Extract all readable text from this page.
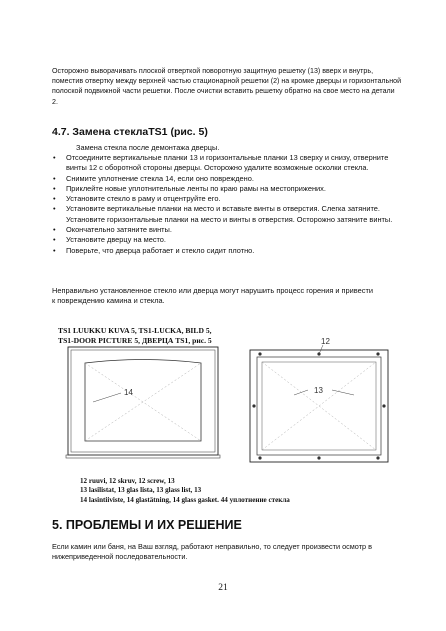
Осторожно выворачивать плоской отверткой поворотную защитную решетку (13) вверх и внутрь, поместив отвертку между верхней частью стационарной решетки (2) на кромке дверцы и горизонтальной полоской подвижной части решетки. После очистки вставить решетку обратно на свое место на детали 2.
4.7. Замена стеклаTS1 (рис. 5)
Замена стекла после демонтажа дверцы.
• Отсоедините вертикальные планки 13 и горизонтальные планки 13 сверху и снизу, отверните винты 12 с оборотной стороны дверцы. Осторожно удалите возможные осколки стекла.
• Снимите уплотнение стекла 14, если оно повреждено.
• Приклейте новые уплотнительные ленты по краю рамы на местоприжених.
• Установите стекло в раму и отцентруйте его.
• Установите вертикальные планки на место и вставьте винты в отверстия. Слегка затяните. Установите горизонтальные планки на место и винты в отверстия. Осторожно затяните винты.
• Окончательно затяните винты.
• Установите дверцу на место.
• Поверьте, что дверца работает и стекло сидит плотно.
Неправильно установленное стекло или дверца могут нарушить процесс горения и привести
к повреждению камина и стекла.
TS1 LUUKKU KUVA 5, TS1-LUCKA, BILD 5,
TS1-DOOR PICTURE 5, ДВЕРЦА TS1, рис. 5
14
12
13
12 ruuvi, 12 skruv, 12 screw, 13
13 lasilistat, 13 glas lista, 13 glass list, 13
14 lasintiiviste, 14 glastätning, 14 glass gasket. 44 уплотнение стекла
5. ПРОБЛЕМЫ И ИХ РЕШЕНИЕ
Если камин или баня, на Ваш взгляд, работают неправильно, то следует произвести осмотр в нижеприведенной последовательности.
21
